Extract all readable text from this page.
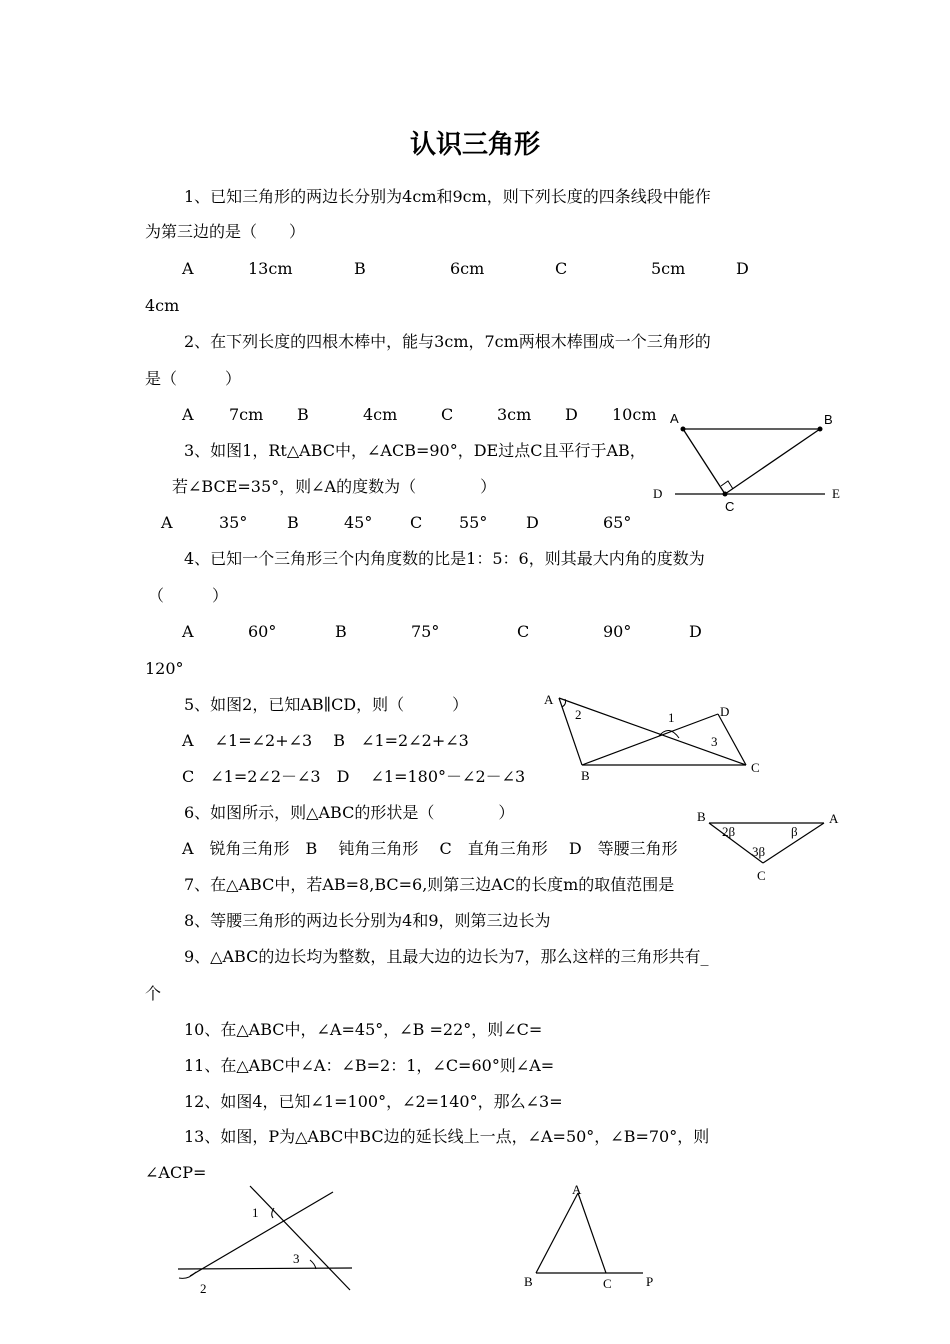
认识三角形
1、已知三角形的两边长分别为4cm和9cm，则下列长度的四条线段中能作
为第三边的是（　　）
A	13cm	B	6cm	C	5cm	D
4cm
2、在下列长度的四根木棒中，能与3cm，7cm两根木棒围成一个三角形的
是（　　　）
A 7cm B	4cm	C	3cm D 10cm
3、如图1，Rt△ABC中，∠ACB=90°，DE过点C且平行于AB，
若∠BCE=35°，则∠A的度数为（　　　　）
A	35° B	45° C 55° D	65°
A	B
C
D	E
4、已知一个三角形三个内角度数的比是1：5：6，则其最大内角的度数为
（　　　）
A	60°	B	75°	C	90°	D
120°
5、如图2，已知AB∥CD，则（　　　）
A　 ∠1=∠2+∠3　 B　∠1=2∠2+∠3
C　∠1=2∠2－∠3　D　 ∠1=180°－∠2－∠3
A
2	1	D
3
B
C
6、如图所示，则△ABC的形状是（　　　　）
A　锐角三角形　B　 钝角三角形　 C　直角三角形　 D　等腰三角形
B	A
2β	β
3β
C
7、在△ABC中，若AB=8,BC=6,则第三边AC的长度m的取值范围是
8、等腰三角形的两边长分别为4和9，则第三边长为
9、△ABC的边长均为整数，且最大边的边长为7，那么这样的三角形共有_
个
10、在△ABC中，∠A=45°，∠B =22°，则∠C=
11、在△ABC中∠A：∠B=2：1，∠C=60°则∠A=
12、如图4，已知∠1=100°，∠2=140°，那么∠3=
13、如图，P为△ABC中BC边的延长线上一点，∠A=50°，∠B=70°，则
∠ACP=
1
3
2
A
B	C	P
